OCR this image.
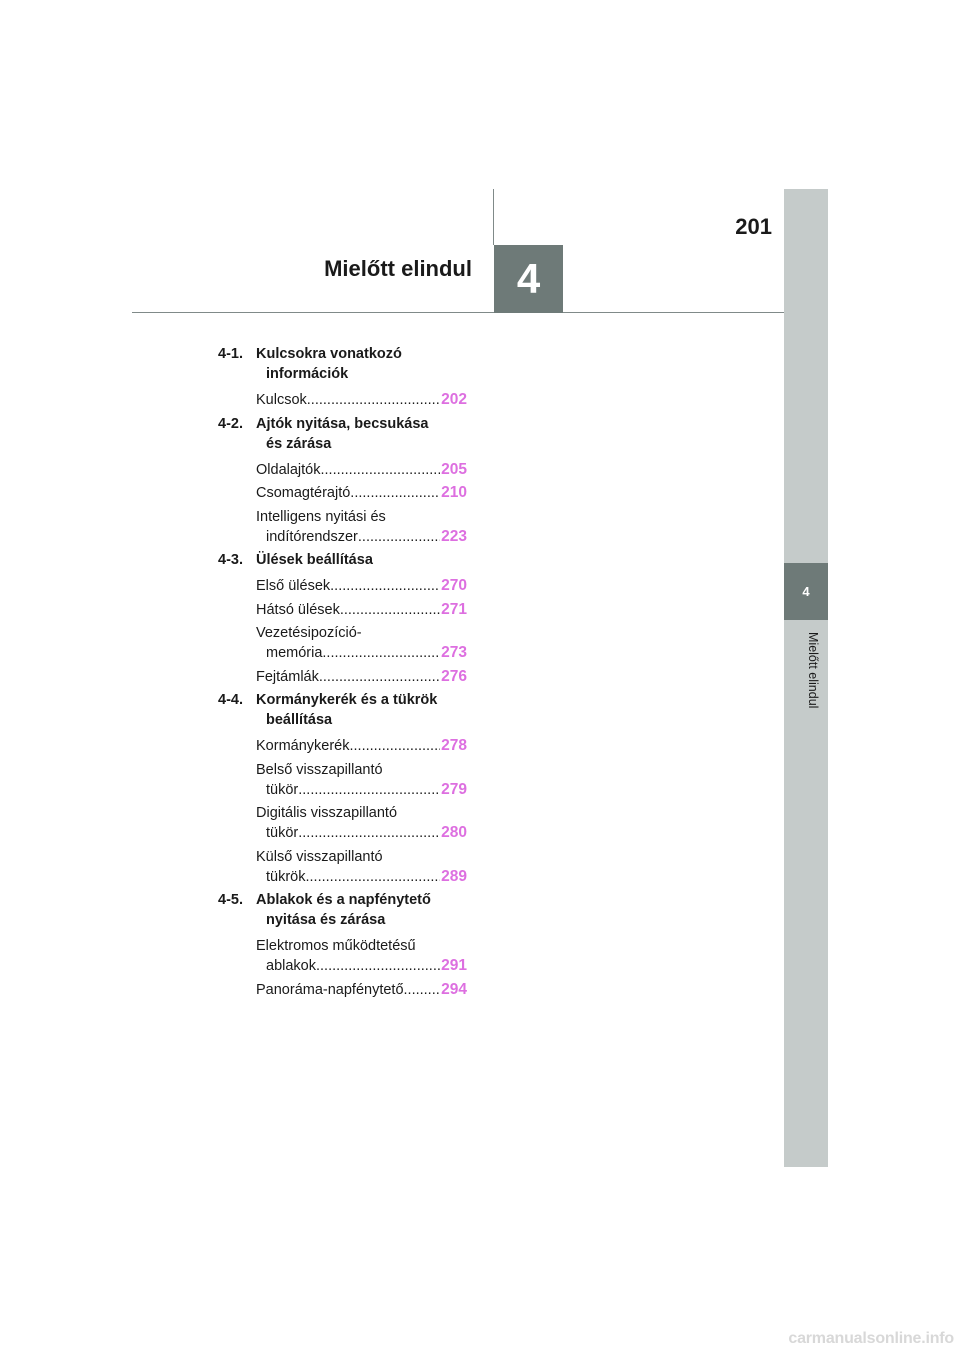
201
Mielőtt elindul	4
4
Mielőtt elindul
4-1. Kulcsokra vonatkozó
információk
Kulcsok .....	202
4-2. Ajtók nyitása, becsukása
és zárása
Oldalajtók .....	205
Csomagtérajtó .....	210
Intelligens nyitási és
indítórendszer .....	223
4-3. Ülések beállítása
Első ülések .....	270
Hátsó ülések .....	271
Vezetésipozíció-
memória .....	273
Fejtámlák .....	276
4-4. Kormánykerék és a tükrök
beállítása
Kormánykerék .....	278
Belső visszapillantó
tükör .....	279
Digitális visszapillantó
tükör .....	280
Külső visszapillantó
tükrök .....	289
4-5. Ablakok és a napfénytető
nyitása és zárása
Elektromos működtetésű
ablakok .....	291
Panoráma-napfénytető ..... 294
carmanualsonline.info
